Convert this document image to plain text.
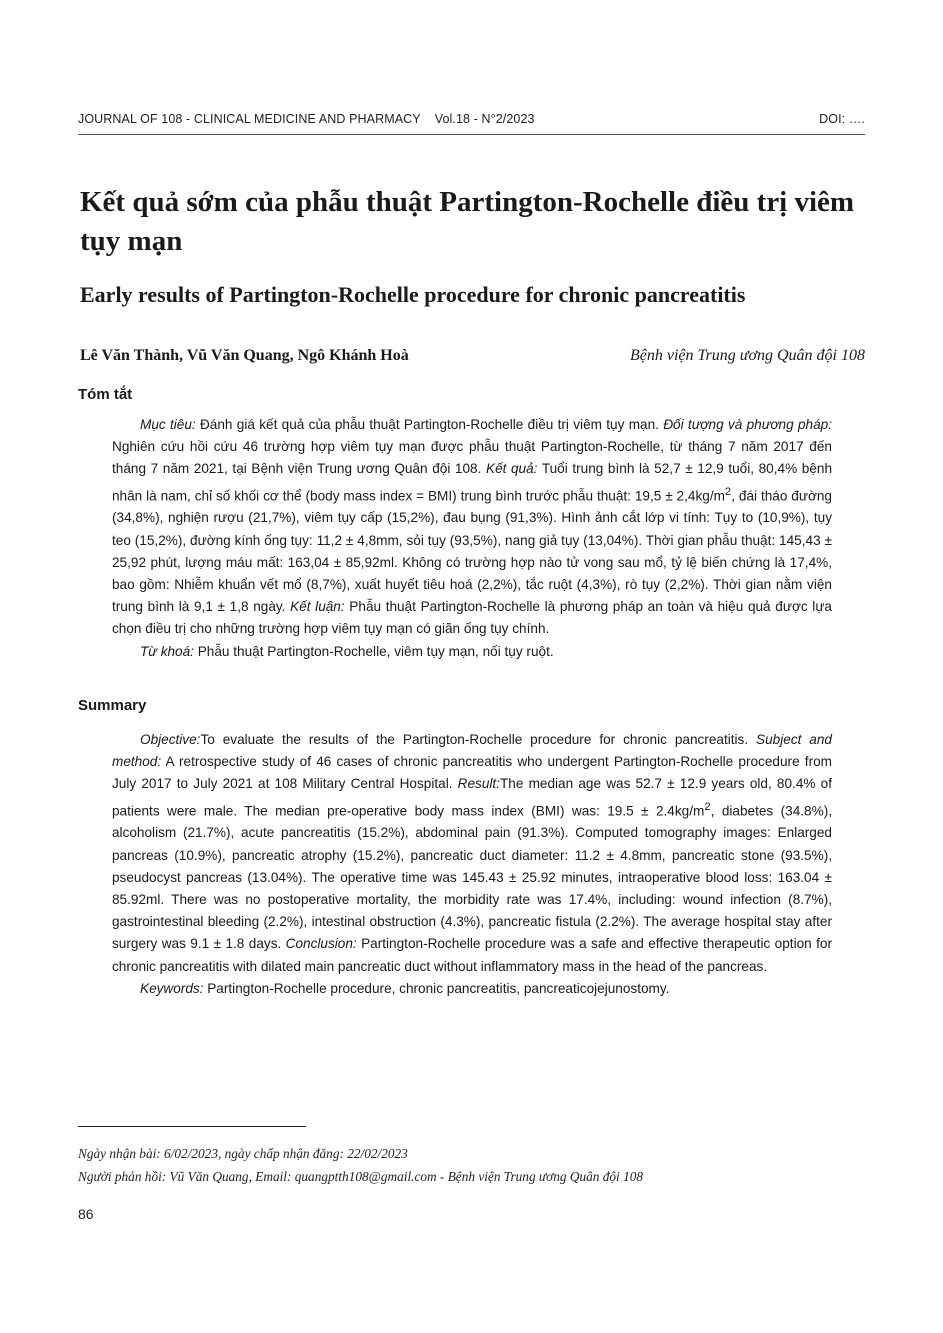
JOURNAL OF 108 - CLINICAL MEDICINE AND PHARMACY Vol.18 - N°2/2023	DOI: ….
Kết quả sớm của phẫu thuật Partington-Rochelle điều trị viêm tụy mạn
Early results of Partington-Rochelle procedure for chronic pancreatitis
Lê Văn Thành, Vũ Văn Quang, Ngô Khánh Hoà	Bệnh viện Trung ương Quân đội 108
Tóm tắt

Mục tiêu: Đánh giá kết quả của phẫu thuật Partington-Rochelle điều trị viêm tụy mạn. Đối tượng và phương pháp: Nghiên cứu hồi cứu 46 trường hợp viêm tụy mạn được phẫu thuật Partington-Rochelle, từ tháng 7 năm 2017 đến tháng 7 năm 2021, tại Bệnh viện Trung ương Quân đội 108. Kết quả: Tuổi trung bình là 52,7 ± 12,9 tuổi, 80,4% bệnh nhân là nam, chỉ số khối cơ thể (body mass index = BMI) trung bình trước phẫu thuật: $19,5 \pm 2,4kg/m^2$, đái tháo đường (34,8%), nghiện rượu (21,7%), viêm tụy cấp (15,2%), đau bụng (91,3%). Hình ảnh cắt lớp vi tính: Tụy to (10,9%), tụy teo (15,2%), đường kính ống tụy: 11,2 ± 4,8mm, sỏi tụy (93,5%), nang giả tụy (13,04%). Thời gian phẫu thuật: 145,43 ± 25,92 phút, lượng máu mất: 163,04 ± 85,92ml. Không có trường hợp nào tử vong sau mổ, tỷ lệ biến chứng là 17,4%, bao gồm: Nhiễm khuẩn vết mổ (8,7%), xuất huyết tiêu hoá (2,2%), tắc ruột (4,3%), rò tụy (2,2%). Thời gian nằm viện trung bình là 9,1 ± 1,8 ngày. Kết luận: Phẫu thuật Partington-Rochelle là phương pháp an toàn và hiệu quả được lựa chọn điều trị cho những trường hợp viêm tụy mạn có giãn ống tụy chính.

Từ khoá: Phẫu thuật Partington-Rochelle, viêm tụy mạn, nối tụy ruột.

Summary

Objective:To evaluate the results of the Partington-Rochelle procedure for chronic pancreatitis. Subject and method: A retrospective study of 46 cases of chronic pancreatitis who undergent Partington-Rochelle procedure from July 2017 to July 2021 at 108 Military Central Hospital. Result:The median age was 52.7 ± 12.9 years old, 80.4% of patients were male. The median pre-operative body mass index (BMI) was: $19.5 \pm 2.4kg/m^2$, diabetes (34.8%), alcoholism (21.7%), acute pancreatitis (15.2%), abdominal pain (91.3%). Computed tomography images: Enlarged pancreas (10.9%), pancreatic atrophy (15.2%), pancreatic duct diameter: 11.2 ± 4.8mm, pancreatic stone (93.5%), pseudocyst pancreas (13.04%). The operative time was 145.43 ± 25.92 minutes, intraoperative blood loss: 163.04 ± 85.92ml. There was no postoperative mortality, the morbidity rate was 17.4%, including: wound infection (8.7%), gastrointestinal bleeding (2.2%), intestinal obstruction (4.3%), pancreatic fistula (2.2%). The average hospital stay after surgery was 9.1 ± 1.8 days. Conclusion: Partington-Rochelle procedure was a safe and effective therapeutic option for chronic pancreatitis with dilated main pancreatic duct without inflammatory mass in the head of the pancreas.

Keywords: Partington-Rochelle procedure, chronic pancreatitis, pancreaticojejunostomy.

Ngày nhận bài: 6/02/2023, ngày chấp nhận đăng: 22/02/2023
Người phản hồi: Vũ Văn Quang, Email: quangptth108@gmail.com - Bệnh viện Trung ương Quân đội 108
86
